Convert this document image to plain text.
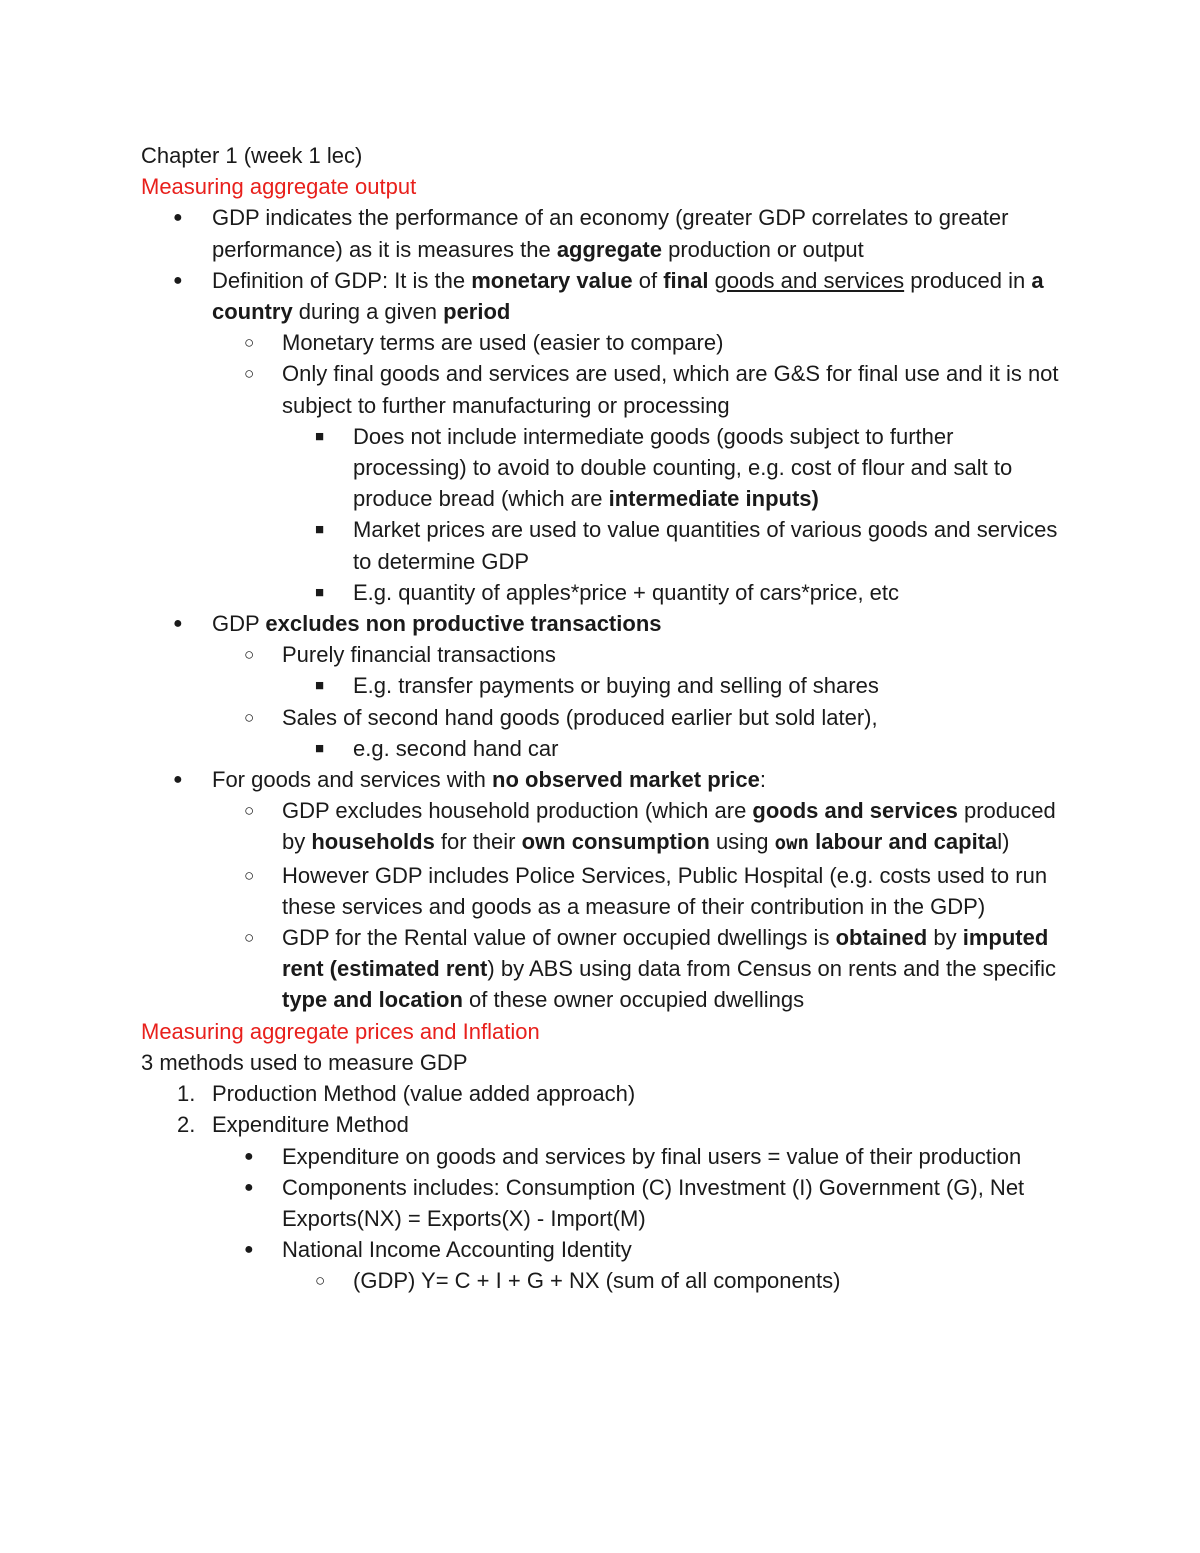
Chapter 1 (week 1 lec)
Measuring aggregate output
●	GDP indicates the performance of an economy (greater GDP correlates to greater performance) as it is measures the aggregate production or output
●	Definition of GDP: It is the monetary value of final goods and services produced in a country during a given period
○	Monetary terms are used (easier to compare)
○	Only final goods and services are used, which are G&S for final use and it is not subject to further manufacturing or processing
■	Does not include intermediate goods (goods subject to further processing) to avoid to double counting, e.g. cost of flour and salt to produce bread (which are intermediate inputs)
■	Market prices are used to value quantities of various goods and services to determine GDP
■	E.g. quantity of apples*price + quantity of cars*price, etc
●	GDP excludes non productive transactions
○	Purely financial transactions
■	E.g. transfer payments or buying and selling of shares
○	Sales of second hand goods (produced earlier but sold later),
■	e.g. second hand car
●	For goods and services with no observed market price:
○	GDP excludes household production (which are goods and services produced by households for their own consumption using own labour and capital)
○	However GDP includes Police Services, Public Hospital (e.g. costs used to run these services and goods as a measure of their contribution in the GDP)
○	GDP for the Rental value of owner occupied dwellings is obtained by imputed rent (estimated rent) by ABS using data from Census on rents and the specific type and location of these owner occupied dwellings
Measuring aggregate prices and Inflation
3 methods used to measure GDP
1. Production Method (value added approach)
2. Expenditure Method
●	Expenditure on goods and services by final users = value of their production
●	Components includes: Consumption (C) Investment (I) Government (G), Net Exports(NX) = Exports(X) - Import(M)
●	National Income Accounting Identity
○	(GDP) Y= C + I + G + NX (sum of all components)
